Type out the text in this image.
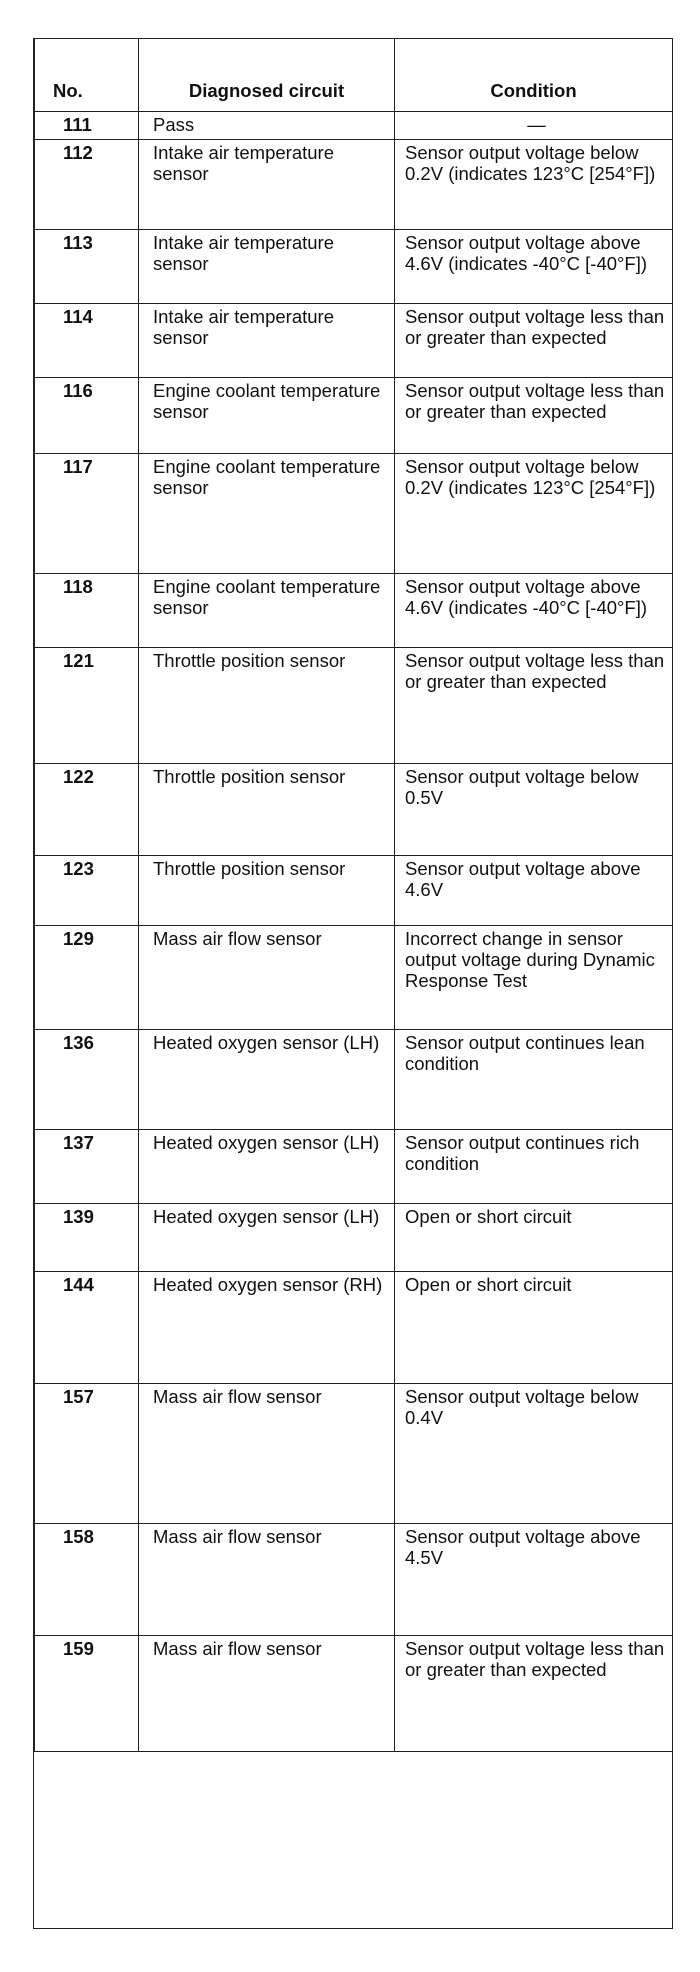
No.	Diagnosed circuit	Condition
111	Pass	—
112	Intake air temperature sensor	Sensor output voltage below 0.2V (indicates 123°C [254°F])
113	Intake air temperature sensor	Sensor output voltage above 4.6V (indicates -40°C [-40°F])
114	Intake air temperature sensor	Sensor output voltage less than or greater than expected
116	Engine coolant temperature sensor	Sensor output voltage less than or greater than expected
117	Engine coolant temperature sensor	Sensor output voltage below 0.2V (indicates 123°C [254°F])
118	Engine coolant temperature sensor	Sensor output voltage above 4.6V (indicates -40°C [-40°F])
121	Throttle position sensor	Sensor output voltage less than or greater than expected
122	Throttle position sensor	Sensor output voltage below 0.5V
123	Throttle position sensor	Sensor output voltage above 4.6V
129	Mass air flow sensor	Incorrect change in sensor output voltage during Dynamic Response Test
136	Heated oxygen sensor (LH)	Sensor output continues lean condition
137	Heated oxygen sensor (LH)	Sensor output continues rich condition
139	Heated oxygen sensor (LH)	Open or short circuit
144	Heated oxygen sensor (RH)	Open or short circuit
157	Mass air flow sensor	Sensor output voltage below 0.4V
158	Mass air flow sensor	Sensor output voltage above 4.5V
159	Mass air flow sensor	Sensor output voltage less than or greater than expected
